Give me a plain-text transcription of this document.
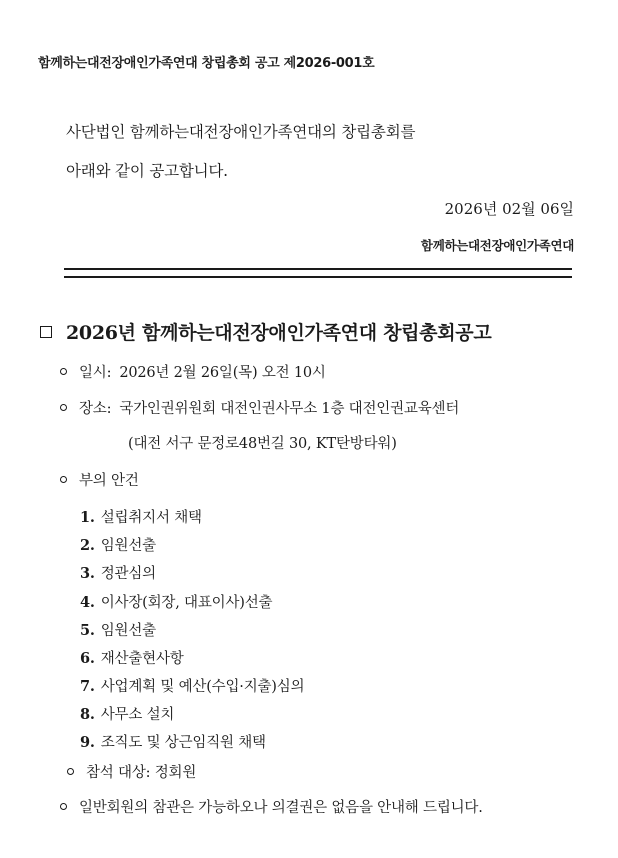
함께하는대전장애인가족연대 창립총회 공고 제2026-001호
사단법인 함께하는대전장애인가족연대의 창립총회를
아래와 같이 공고합니다.
2026년 02월 06일
함께하는대전장애인가족연대
2026년 함께하는대전장애인가족연대 창립총회공고
일시: 2026년 2월 26일(목) 오전 10시
장소: 국가인권위원회 대전인권사무소 1층 대전인권교육센터
(대전 서구 문정로48번길 30, KT탄방타워)
부의 안건
1. 설립취지서 채택
2. 임원선출
3. 정관심의
4. 이사장(회장, 대표이사)선출
5. 임원선출
6. 재산출현사항
7. 사업계획 및 예산(수입·지출)심의
8. 사무소 설치
9. 조직도 및 상근임직원 채택
참석 대상: 정회원
일반회원의 참관은 가능하오나 의결권은 없음을 안내해 드립니다.
